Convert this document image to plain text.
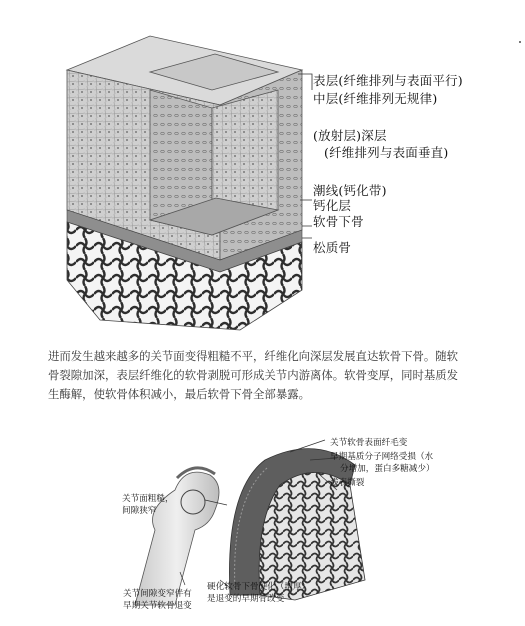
表层(纤维排列与表面平行)
中层(纤维排列无规律)
(放射层)深层
(纤维排列与表面垂直)
潮线(钙化带)
钙化层
软骨下骨
松质骨

进而发生越来越多的关节面变得粗糙不平，纤维化向深层发展直达软骨下骨。随软
骨裂隙加深，表层纤维化的软骨剥脱可形成关节内游离体。软骨变厚，同时基质发
生酶解，使软骨体积减小，最后软骨下骨全部暴露。

关节软骨表面纤毛变
早期基质分子网络受损（水
分增加，蛋白多糖减少）
浅表撕裂
关节面粗糙，
间隙狭窄
关节间隙变窄伴有
早期关节软骨退变
硬化软骨下骨硬化（增厚）
是退变的早期骨改变
